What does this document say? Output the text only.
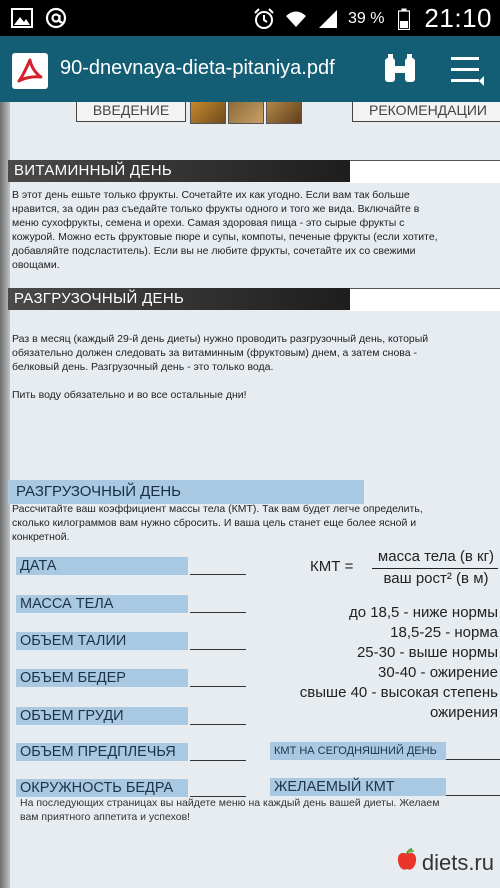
39 % 21:10
90-dnevnaya-dieta-pitaniya.pdf
ВВЕДЕНИЕ	РЕКОМЕНДАЦИИ
ВИТАМИННЫЙ ДЕНЬ
В этот день ешьте только фрукты. Сочетайте их как угодно. Если вам так больше
нравится, за один раз съедайте только фрукты одного и того же вида. Включайте в
меню сухофрукты, семена и орехи. Самая здоровая пища - это сырые фрукты с
кожурой. Можно есть фруктовые пюре и супы, компоты, печеные фрукты (если хотите,
добавляйте подсластитель). Если вы не любите фрукты, сочетайте их со свежими
овощами.
РАЗГРУЗОЧНЫЙ ДЕНЬ
Раз в месяц (каждый 29-й день диеты) нужно проводить разгрузочный день, который
обязательно должен следовать за витаминным (фруктовым) днем, а затем снова -
белковый день. Разгрузочный день - это только вода.
Пить воду обязательно и во все остальные дни!
РАЗГРУЗОЧНЫЙ ДЕНЬ
Рассчитайте ваш коэффициент массы тела (КМТ). Так вам будет легче определить,
сколько килограммов вам нужно сбросить. И ваша цель станет еще более ясной и
конкретной.
ДАТА
МАССА ТЕЛА
ОБЪЕМ ТАЛИИ
ОБЪЕМ БЕДЕР
ОБЪЕМ ГРУДИ
ОБЪЕМ ПРЕДПЛЕЧЬЯ
ОКРУЖНОСТЬ БЕДРА
КМТ =
масса тела (в кг)
ваш рост² (в м)
до 18,5 - ниже нормы
18,5-25 - норма
25-30 - выше нормы
30-40 - ожирение
свыше 40 - высокая степень
ожирения
КМТ НА СЕГОДНЯШНИЙ ДЕНЬ
ЖЕЛАЕМЫЙ КМТ
На последующих страницах вы найдете меню на каждый день вашей диеты. Желаем
вам приятного аппетита и успехов!
diets.ru
